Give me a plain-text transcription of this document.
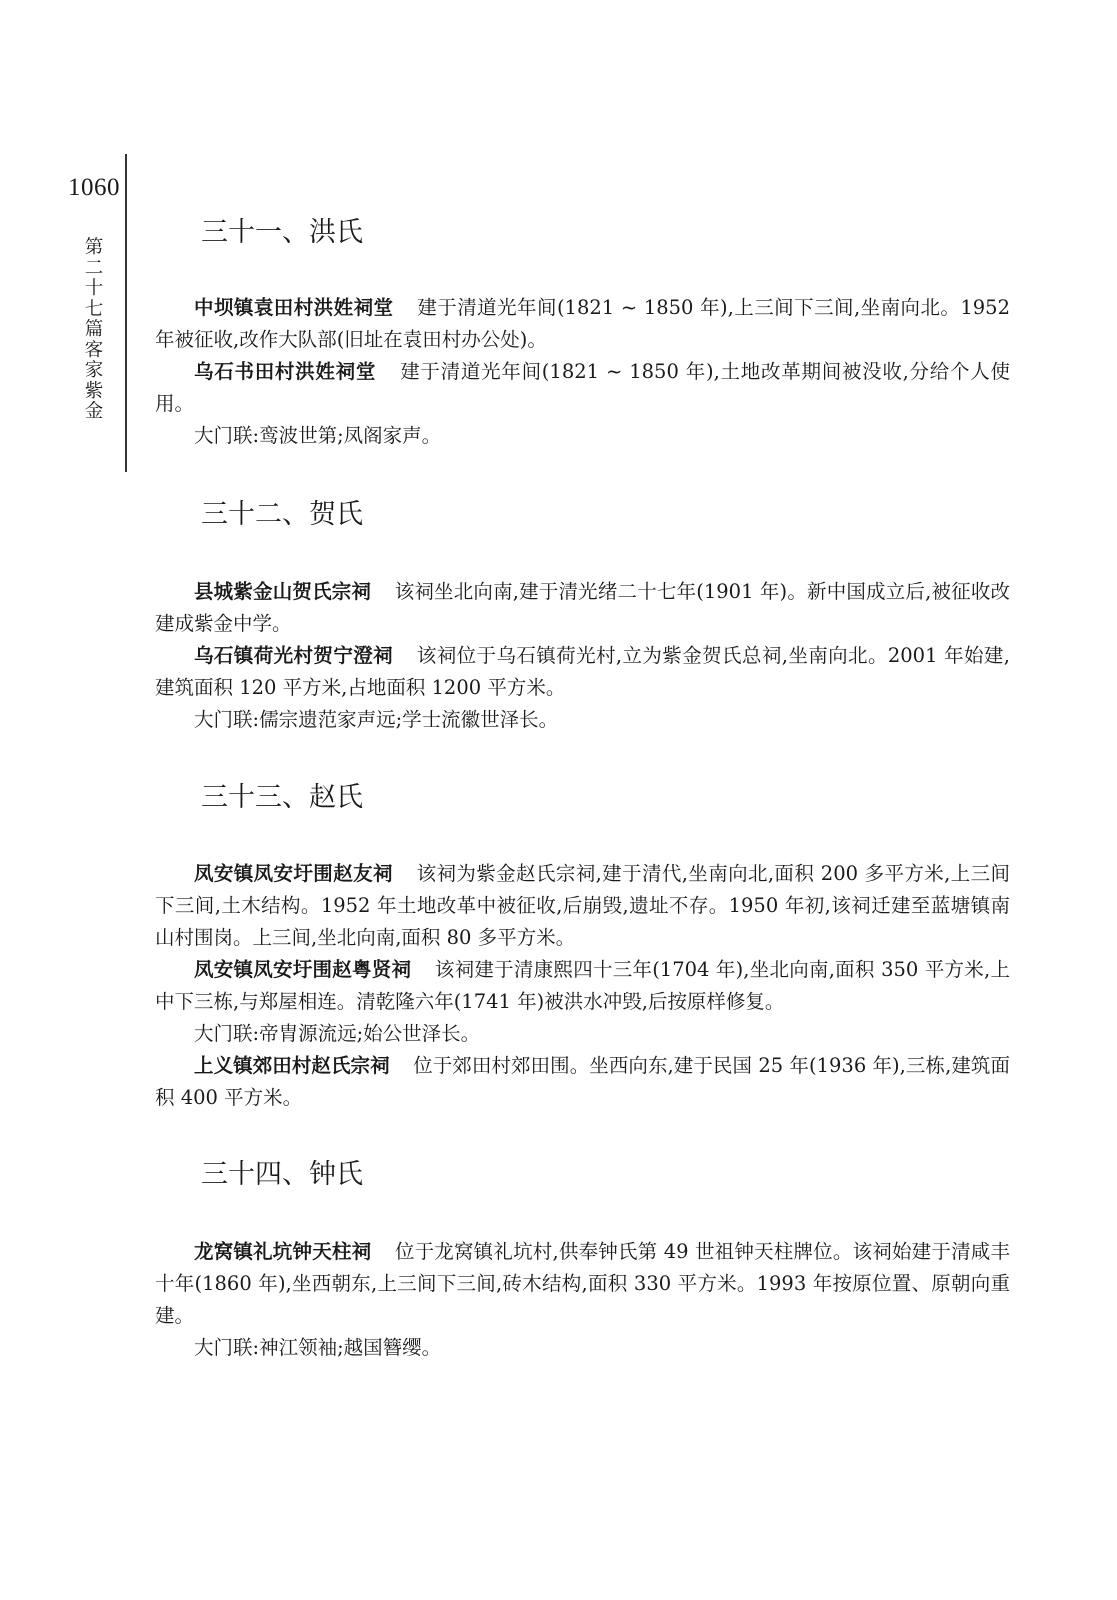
1060
第二十七篇 客家紫金
三十一、洪氏

中坝镇袁田村洪姓祠堂 建于清道光年间(1821 ~ 1850 年),上三间下三间,坐南向北。1952 年被征收,改作大队部(旧址在袁田村办公处)。

乌石书田村洪姓祠堂 建于清道光年间(1821 ~ 1850 年),土地改革期间被没收,分给个人使用。

大门联:鸾波世第;凤阁家声。

三十二、贺氏

县城紫金山贺氏宗祠 该祠坐北向南,建于清光绪二十七年(1901 年)。新中国成立后,被征收改建成紫金中学。

乌石镇荷光村贺宁澄祠 该祠位于乌石镇荷光村,立为紫金贺氏总祠,坐南向北。2001 年始建,建筑面积 120 平方米,占地面积 1200 平方米。

大门联:儒宗遗范家声远;学士流徽世泽长。

三十三、赵氏

凤安镇凤安圩围赵友祠 该祠为紫金赵氏宗祠,建于清代,坐南向北,面积 200 多平方米,上三间下三间,土木结构。1952 年土地改革中被征收,后崩毁,遗址不存。1950 年初,该祠迁建至蓝塘镇南山村围岗。上三间,坐北向南,面积 80 多平方米。

凤安镇凤安圩围赵粤贤祠 该祠建于清康熙四十三年(1704 年),坐北向南,面积 350 平方米,上中下三栋,与郑屋相连。清乾隆六年(1741 年)被洪水冲毁,后按原样修复。

大门联:帝胄源流远;始公世泽长。

上义镇郊田村赵氏宗祠 位于郊田村郊田围。坐西向东,建于民国 25 年(1936 年),三栋,建筑面积 400 平方米。

三十四、钟氏

龙窝镇礼坑钟天柱祠 位于龙窝镇礼坑村,供奉钟氏第 49 世祖钟天柱牌位。该祠始建于清咸丰十年(1860 年),坐西朝东,上三间下三间,砖木结构,面积 330 平方米。1993 年按原位置、原朝向重建。

大门联:神江领袖;越国簪缨。
